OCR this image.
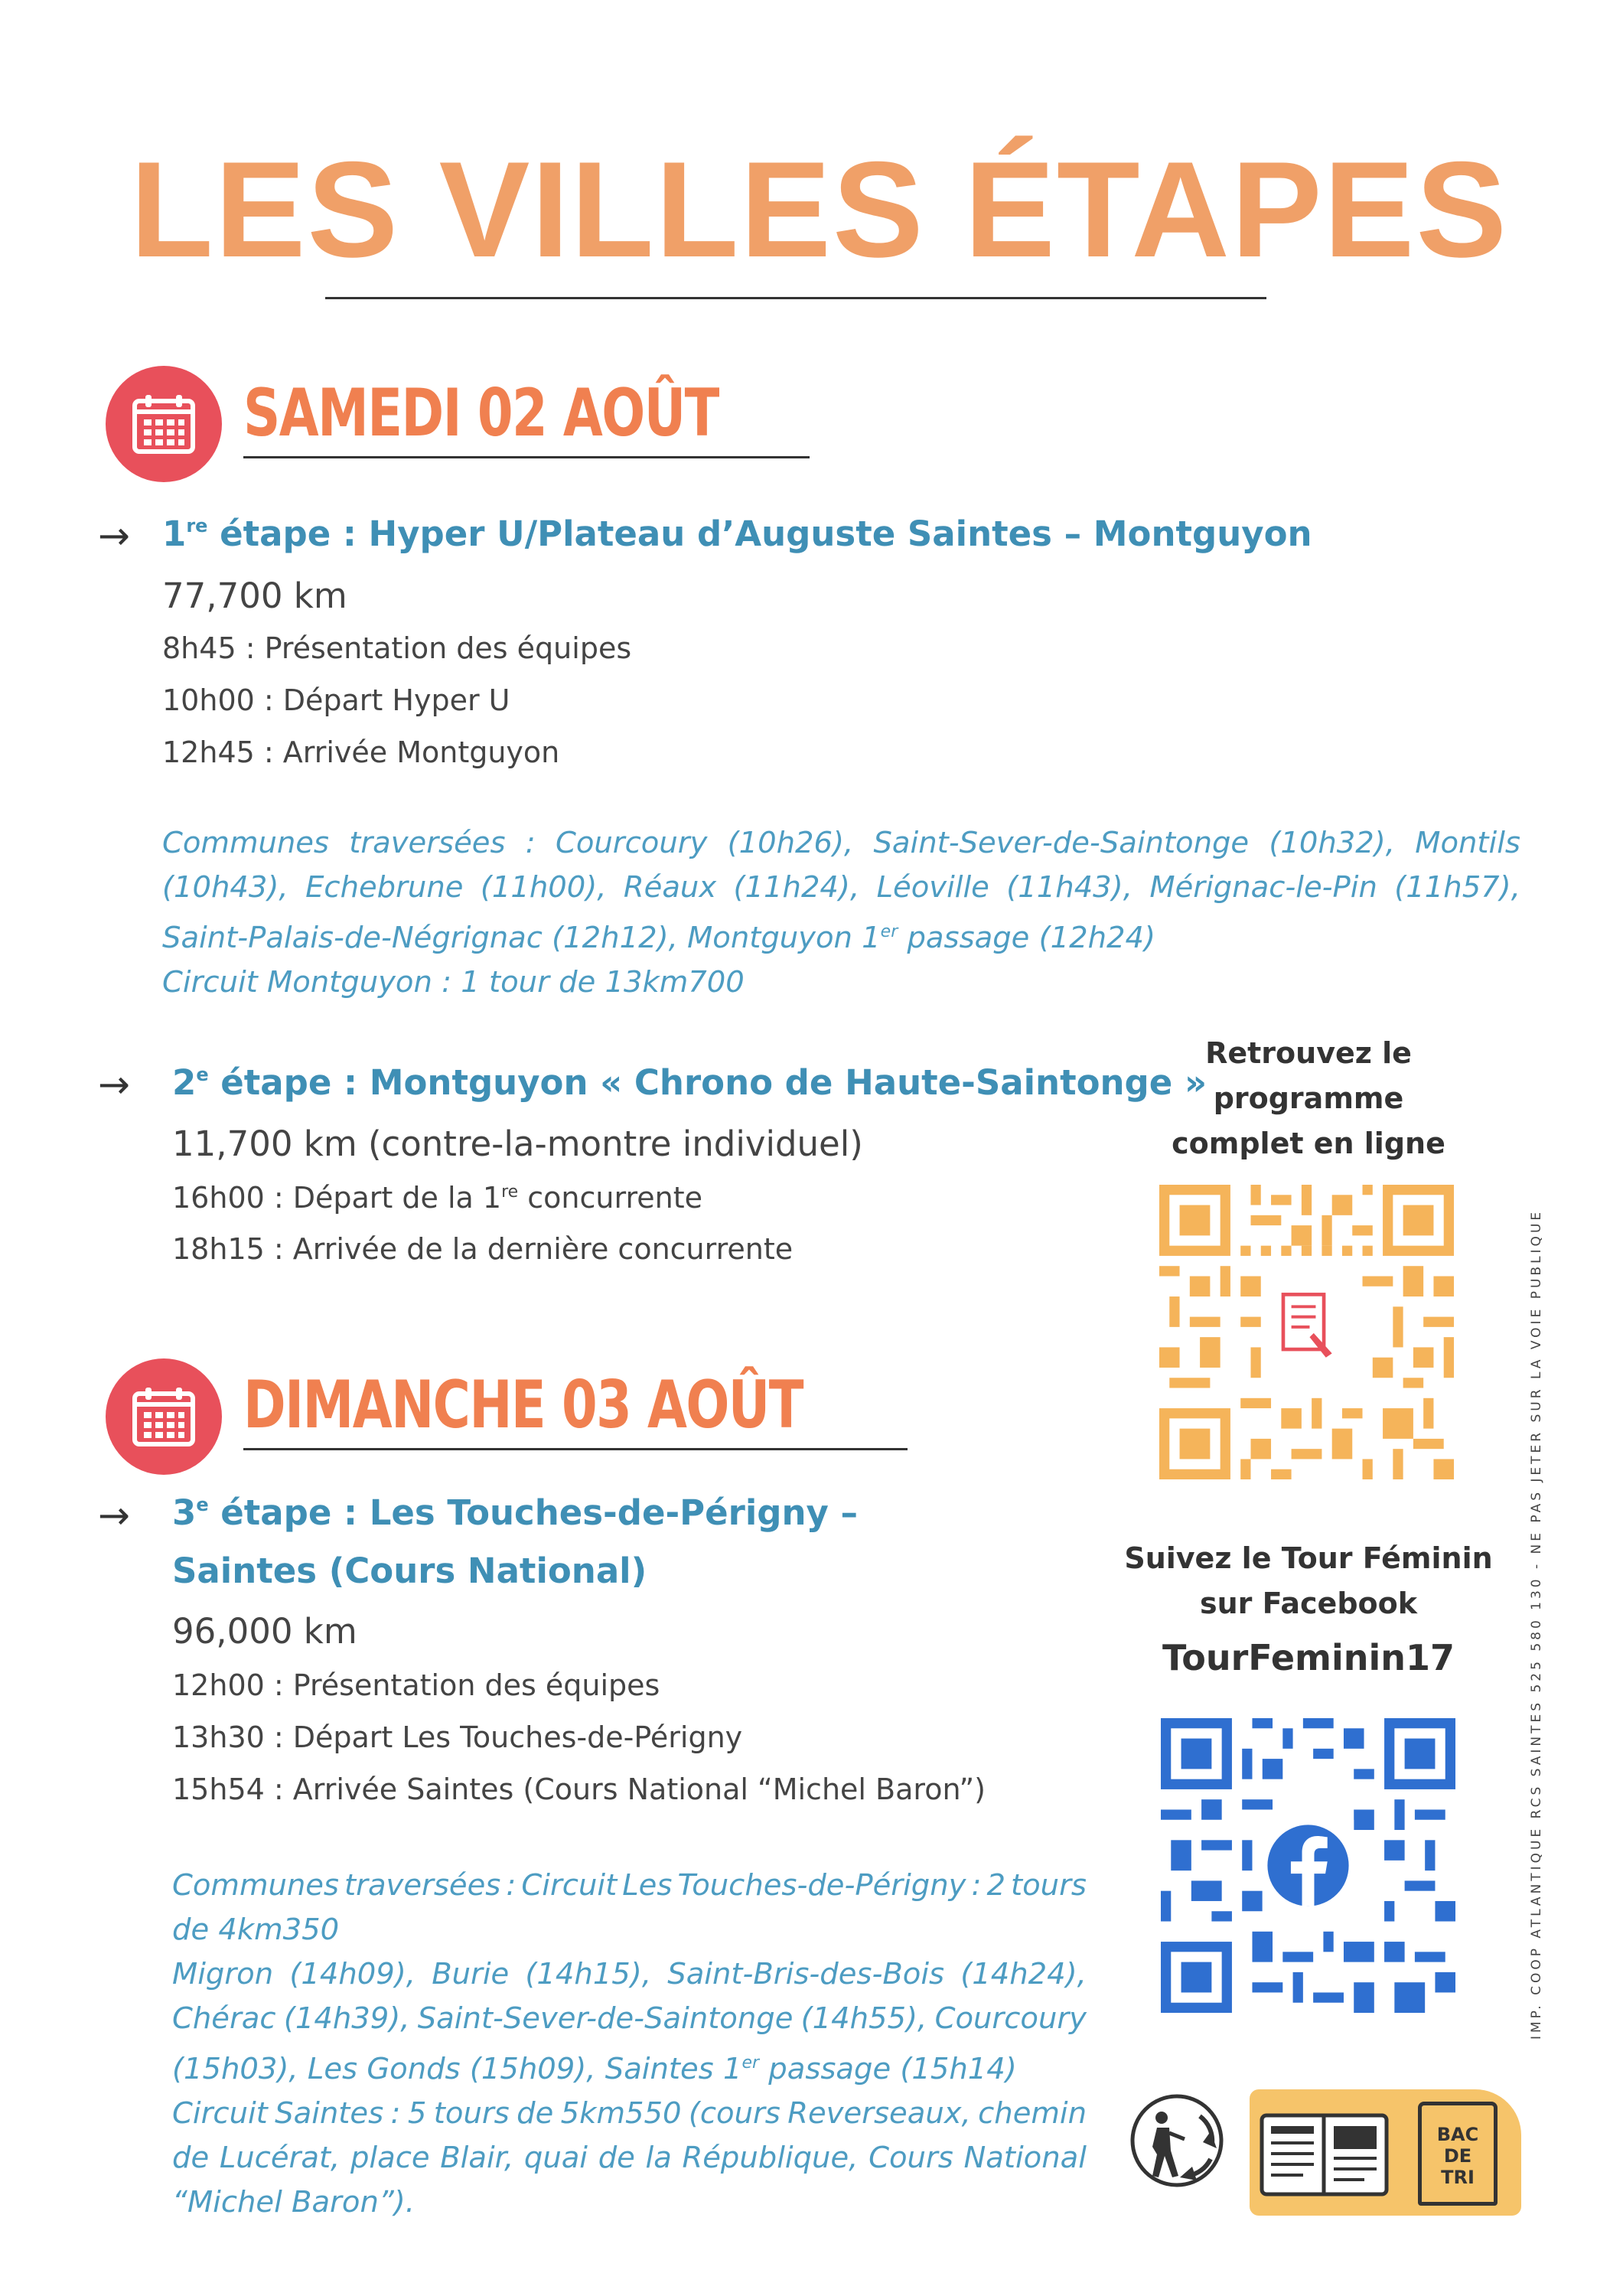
LES VILLES ÉTAPES
SAMEDI 02 AOÛT
→ 1re étape : Hyper U/Plateau d’Auguste Saintes – Montguyon
77,700 km
8h45 : Présentation des équipes
10h00 : Départ Hyper U
12h45 : Arrivée Montguyon
Communes traversées : Courcoury (10h26), Saint-Sever-de-Saintonge (10h32), Montils
(10h43), Echebrune (11h00), Réaux (11h24), Léoville (11h43), Mérignac-le-Pin (11h57),
Saint-Palais-de-Négrignac (12h12), Montguyon 1er passage (12h24)
Circuit Montguyon : 1 tour de 13km700
→ $2^e$ étape : Montguyon « Chrono de Haute-Saintonge »
11,700 km (contre-la-montre individuel)
16h00 : Départ de la 1re concurrente
18h15 : Arrivée de la dernière concurrente
DIMANCHE 03 AOÛT
→ $3^e$ étape : Les Touches-de-Périgny –
Saintes (Cours National)
96,000 km
12h00 : Présentation des équipes
13h30 : Départ Les Touches-de-Périgny
15h54 : Arrivée Saintes (Cours National “Michel Baron”)
Communes traversées : Circuit Les Touches-de-Périgny : 2 tours
de 4km350
Migron (14h09), Burie (14h15), Saint-Bris-des-Bois (14h24),
Chérac (14h39), Saint-Sever-de-Saintonge (14h55), Courcoury
(15h03), Les Gonds (15h09), Saintes 1er passage (15h14)
Circuit Saintes : 5 tours de 5km550 (cours Reverseaux, chemin
de Lucérat, place Blair, quai de la République, Cours National
“Michel Baron”).
Retrouvez le
programme
complet en ligne
Suivez le Tour Féminin
sur Facebook
TourFeminin17
BAC
DE
TRI
IMP. COOP ATLANTIQUE RCS SAINTES 525 580 130 - NE PAS JETER SUR LA VOIE PUBLIQUE
